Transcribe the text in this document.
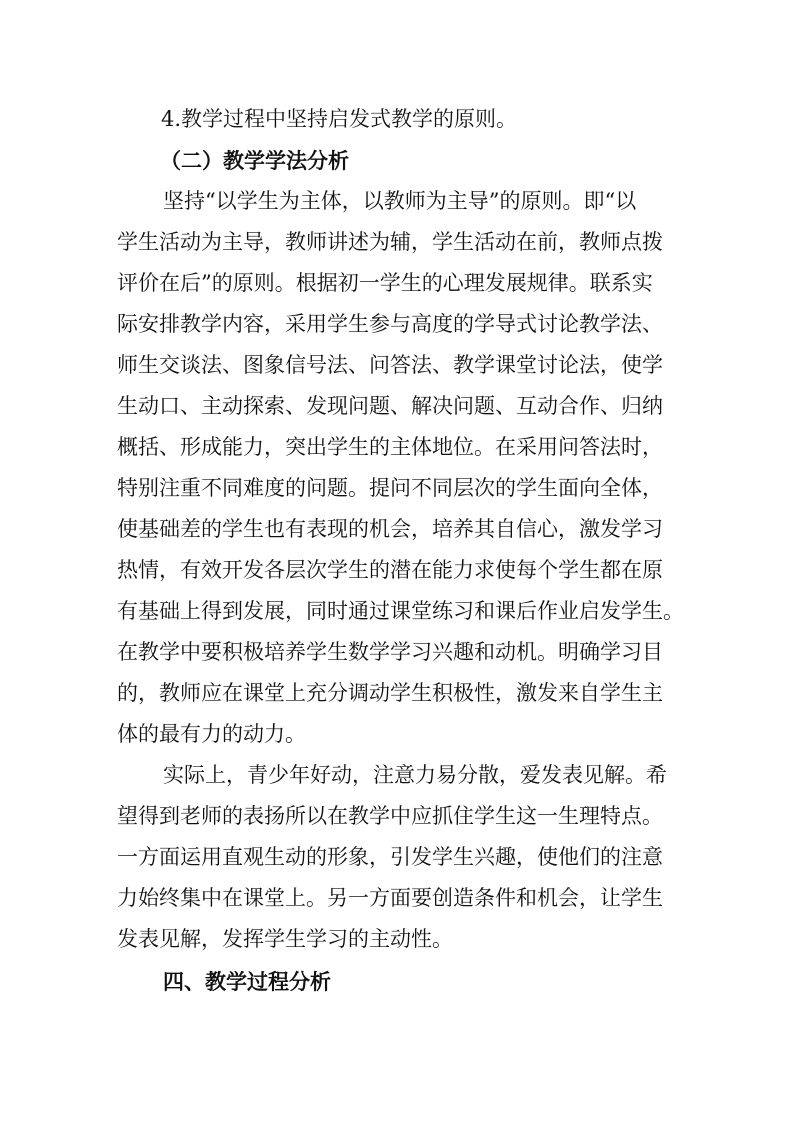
4.教学过程中坚持启发式教学的原则。

（二）教学学法分析

坚持“以学生为主体，以教师为主导”的原则。即“以

学生活动为主导，教师讲述为辅，学生活动在前，教师点拨

评价在后”的原则。根据初一学生的心理发展规律。联系实

际安排教学内容，采用学生参与高度的学导式讨论教学法、

师生交谈法、图象信号法、问答法、教学课堂讨论法，使学

生动口、主动探索、发现问题、解决问题、互动合作、归纳

概括、形成能力，突出学生的主体地位。在采用问答法时，

特别注重不同难度的问题。提问不同层次的学生面向全体，

使基础差的学生也有表现的机会，培养其自信心，激发学习

热情，有效开发各层次学生的潜在能力求使每个学生都在原

有基础上得到发展，同时通过课堂练习和课后作业启发学生。

在教学中要积极培养学生数学学习兴趣和动机。明确学习目

的，教师应在课堂上充分调动学生积极性，激发来自学生主

体的最有力的动力。

实际上，青少年好动，注意力易分散，爱发表见解。希

望得到老师的表扬所以在教学中应抓住学生这一生理特点。

一方面运用直观生动的形象，引发学生兴趣，使他们的注意

力始终集中在课堂上。另一方面要创造条件和机会，让学生

发表见解，发挥学生学习的主动性。

四、教学过程分析
